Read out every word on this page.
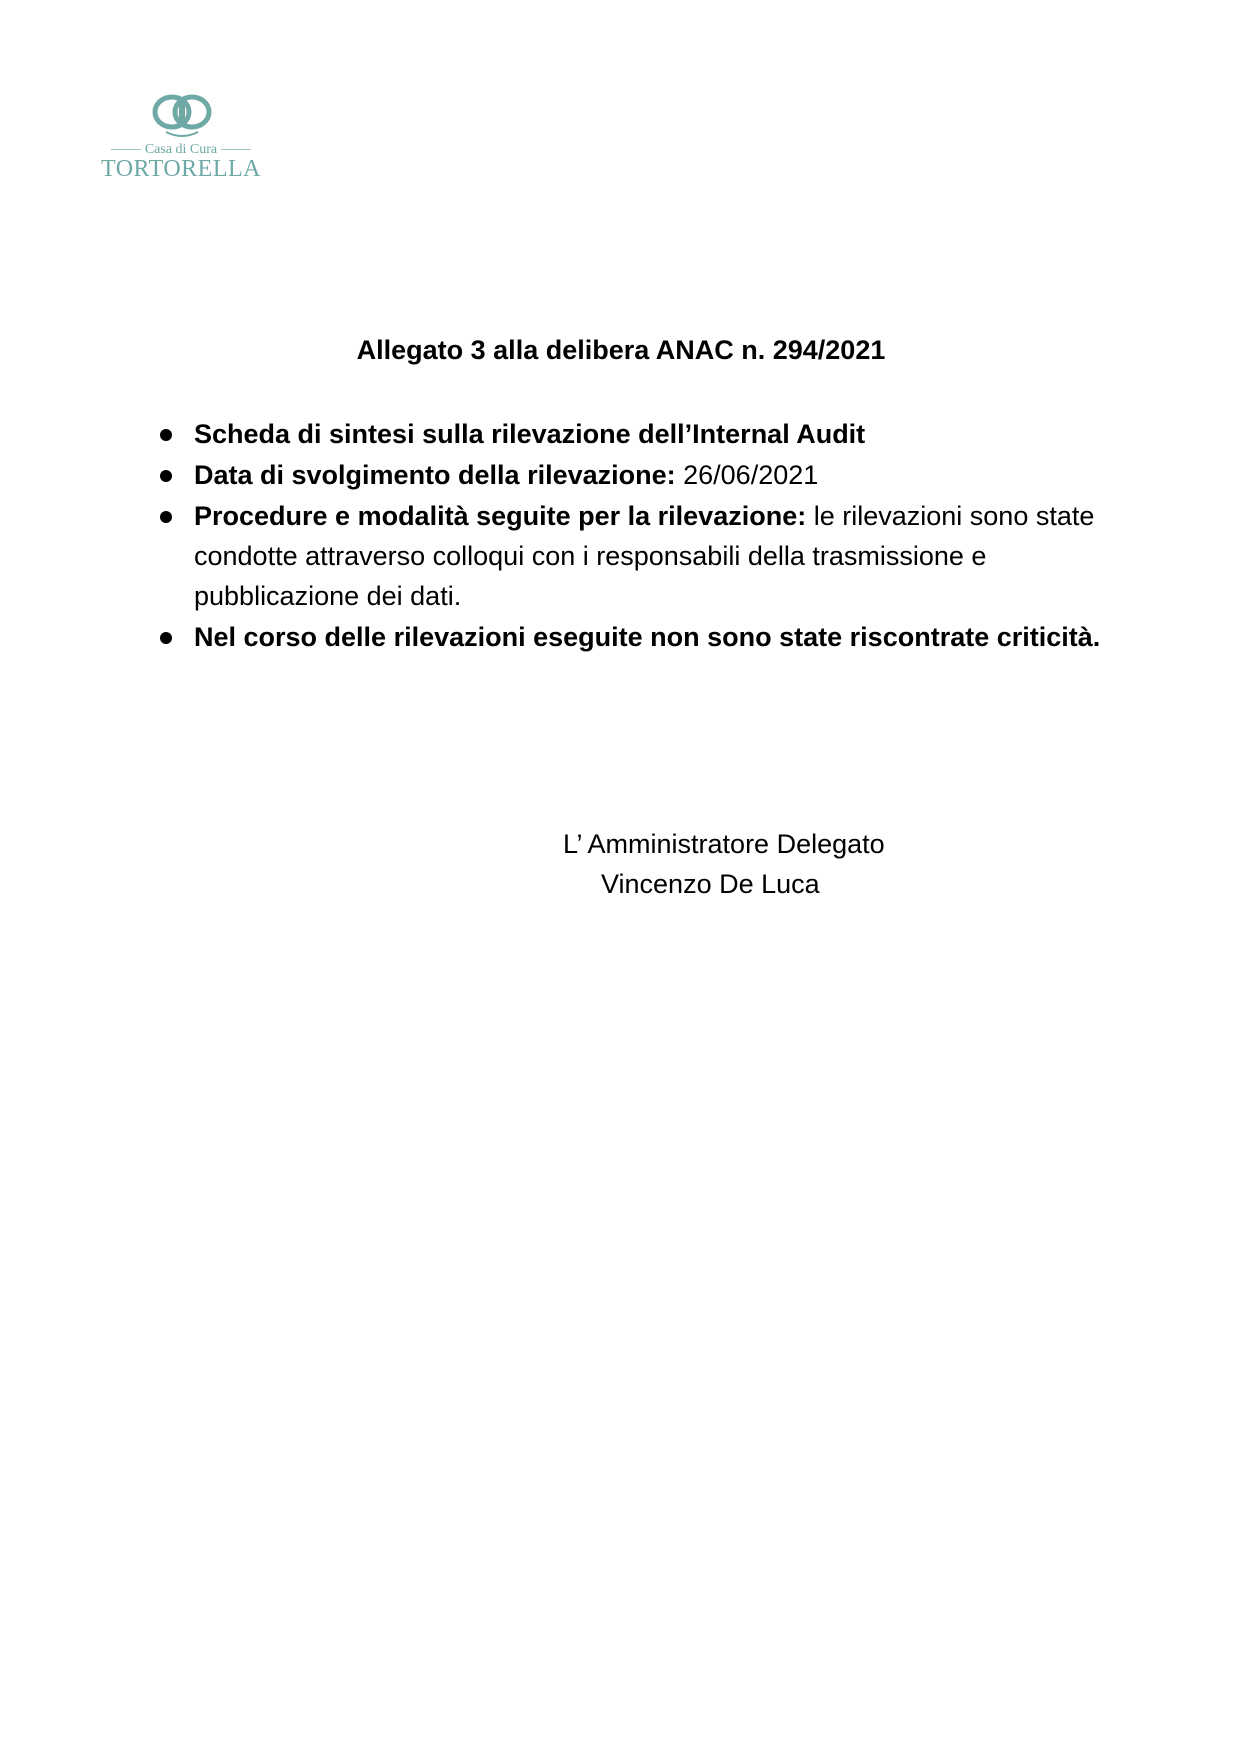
Casa di Cura
TORTORELLA
Allegato 3 alla delibera ANAC n. 294/2021
Scheda di sintesi sulla rilevazione dell’Internal Audit
Data di svolgimento della rilevazione: 26/06/2021
Procedure e modalità seguite per la rilevazione: le rilevazioni sono state condotte attraverso colloqui con i responsabili della trasmissione e pubblicazione dei dati.
Nel corso delle rilevazioni eseguite non sono state riscontrate criticità.
L’ Amministratore Delegato
Vincenzo De Luca
